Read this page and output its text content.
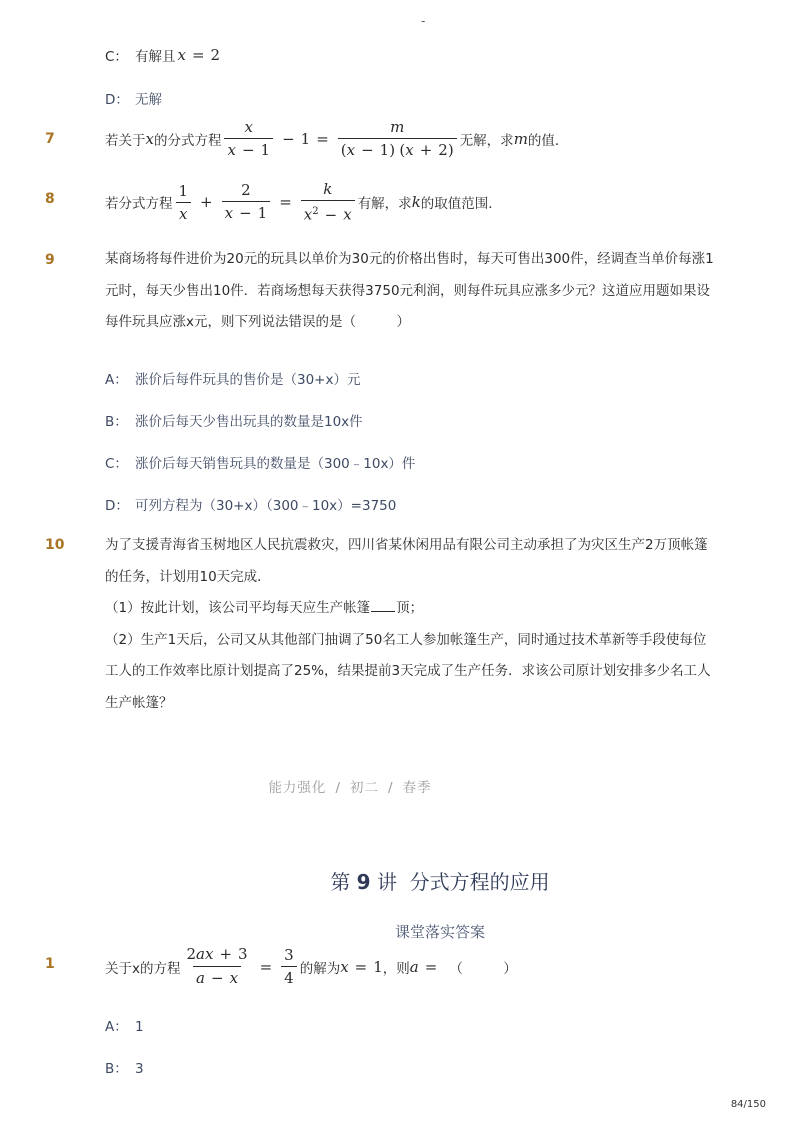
-
C： 有解且 x = 2
D： 无解
7	若关于 x 的分式方程 $\frac{x}{x - 1} - 1 = \frac{m}{(x - 1) (x + 2)}$ 无解，求 m 的值．
8	若分式方程 $\frac{1}{x} + \frac{2}{x - 1} = \frac{k}{x^2 - x}$ 有解，求 k 的取值范围．
9	某商场将每件进价为20元的玩具以单价为30元的价格出售时，每天可售出300件，经调查当单价每涨1元时，每天少售出10件．若商场想每天获得3750元利润，则每件玩具应涨多少元？这道应用题如果设每件玩具应涨x元，则下列说法错误的是（　　　）
A： 涨价后每件玩具的售价是（30+x）元
B： 涨价后每天少售出玩具的数量是10x件
C： 涨价后每天销售玩具的数量是（300﹣10x）件
D： 可列方程为（30+x）（300﹣10x）=3750
10	为了支援青海省玉树地区人民抗震救灾，四川省某休闲用品有限公司主动承担了为灾区生产2万顶帐篷的任务，计划用10天完成．
（1）按此计划，该公司平均每天应生产帐篷 顶；
（2）生产1天后，公司又从其他部门抽调了50名工人参加帐篷生产，同时通过技术革新等手段使每位工人的工作效率比原计划提高了25%，结果提前3天完成了生产任务．求该公司原计划安排多少名工人生产帐篷？
能力强化 / 初二 / 春季
第 9 讲 分式方程的应用
课堂落实答案
1	关于x的方程 $\frac{2ax + 3}{a - x} = \frac{3}{4}$ 的解为 x = 1 ，则 a = （　　　）
A： 1
B： 3
84/150
